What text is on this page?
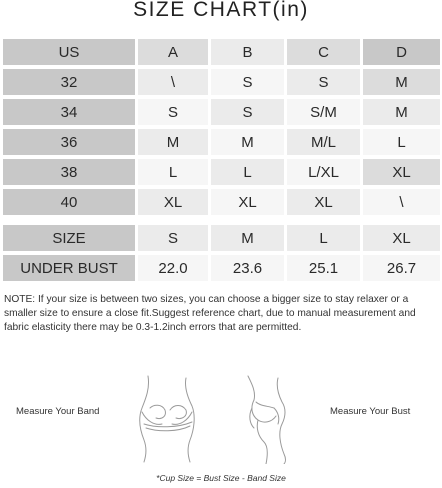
SIZE CHART(in)
US	A	B	C	D
32	\	S	S	M
34	S	S	S/M	M
36	M	M	M/L	L
38	L	L	L/XL	XL
40	XL	XL	XL	\
SIZE	S	M	L	XL
UNDER BUST	22.0	23.6	25.1	26.7
NOTE: If your size is between two sizes, you can choose a bigger size to stay relaxer or a smaller size to ensure a close fit.Suggest reference chart, due to manual measurement and fabric elasticity there may be 0.3-1.2inch errors that are permitted.
Measure Your Band	Measure Your Bust
*Cup Size = Bust Size - Band Size
